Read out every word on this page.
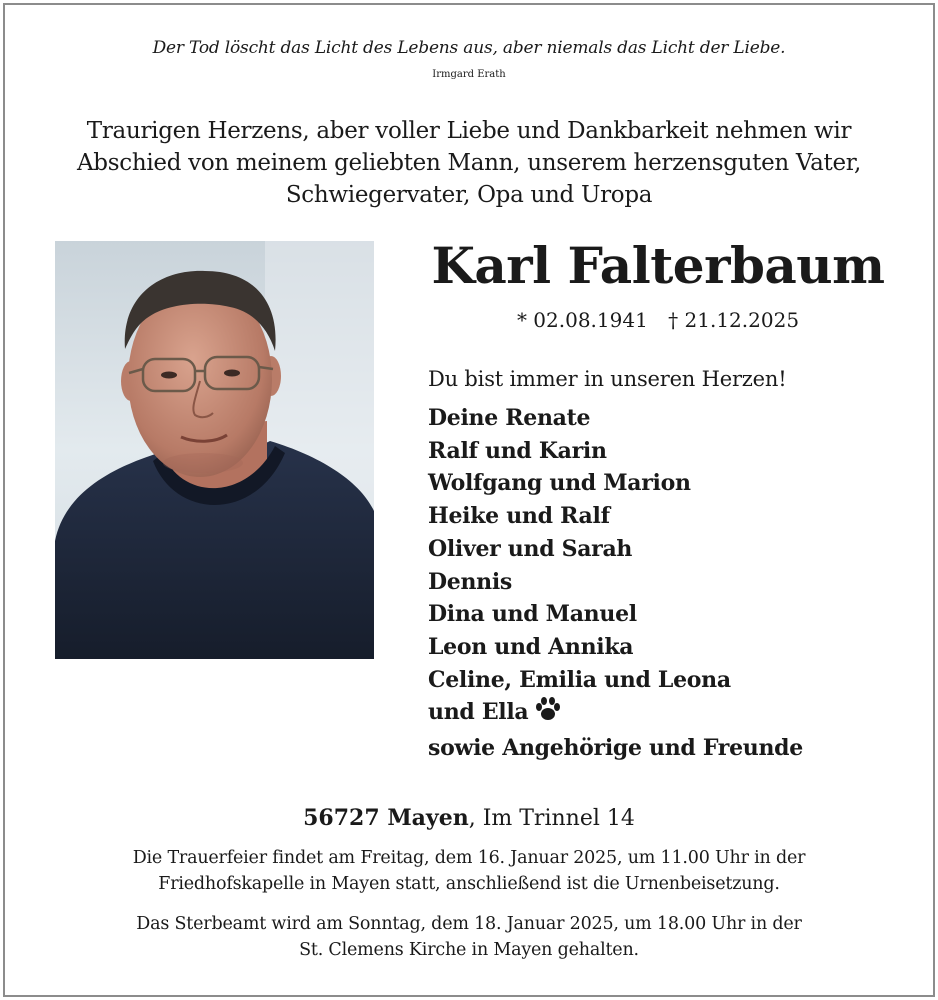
Der Tod löscht das Licht des Lebens aus, aber niemals das Licht der Liebe.
Irmgard Erath
Traurigen Herzens, aber voller Liebe und Dankbarkeit nehmen wir
Abschied von meinem geliebten Mann, unserem herzensguten Vater,
Schwiegervater, Opa und Uropa
Karl Falterbaum
* 02.08.1941 † 21.12.2025
Du bist immer in unseren Herzen!
Deine Renate
Ralf und Karin
Wolfgang und Marion
Heike und Ralf
Oliver und Sarah
Dennis
Dina und Manuel
Leon und Annika
Celine, Emilia und Leona
und Ella
sowie Angehörige und Freunde
56727 Mayen, Im Trinnel 14
Die Trauerfeier findet am Freitag, dem 16. Januar 2025, um 11.00 Uhr in der
Friedhofskapelle in Mayen statt, anschließend ist die Urnenbeisetzung.
Das Sterbeamt wird am Sonntag, dem 18. Januar 2025, um 18.00 Uhr in der
St. Clemens Kirche in Mayen gehalten.
